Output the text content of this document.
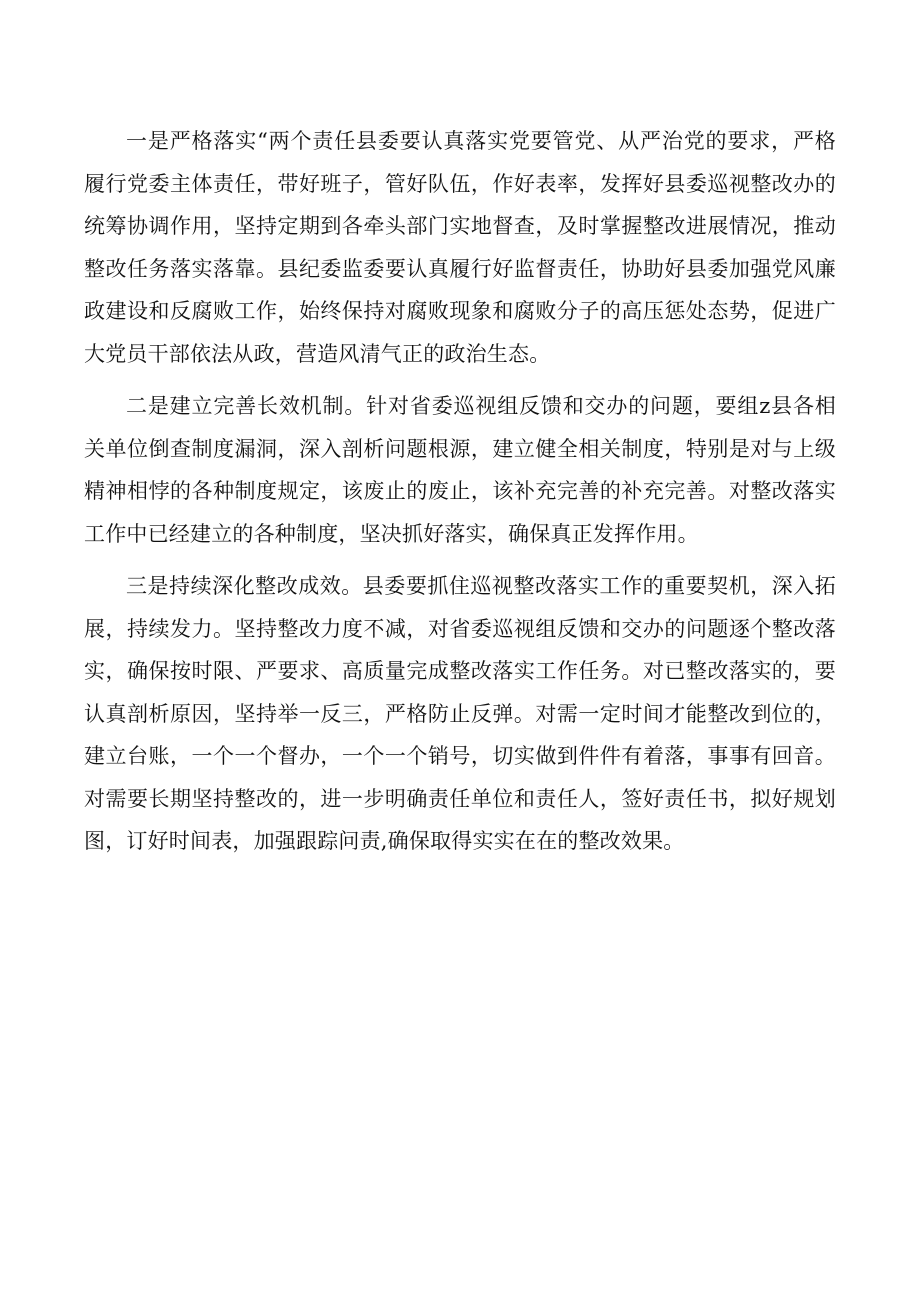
一是严格落实“两个责任县委要认真落实党要管党、从严治党的要求，严格履行党委主体责任，带好班子，管好队伍，作好表率，发挥好县委巡视整改办的统筹协调作用，坚持定期到各牵头部门实地督查，及时掌握整改进展情况，推动整改任务落实落靠。县纪委监委要认真履行好监督责任，协助好县委加强党风廉政建设和反腐败工作，始终保持对腐败现象和腐败分子的高压惩处态势，促进广大党员干部依法从政，营造风清气正的政治生态。

二是建立完善长效机制。针对省委巡视组反馈和交办的问题，要组z县各相关单位倒查制度漏洞，深入剖析问题根源，建立健全相关制度，特别是对与上级精神相悖的各种制度规定，该废止的废止，该补充完善的补充完善。对整改落实工作中已经建立的各种制度，坚决抓好落实，确保真正发挥作用。

三是持续深化整改成效。县委要抓住巡视整改落实工作的重要契机，深入拓展，持续发力。坚持整改力度不减，对省委巡视组反馈和交办的问题逐个整改落实，确保按时限、严要求、高质量完成整改落实工作任务。对已整改落实的，要认真剖析原因，坚持举一反三，严格防止反弹。对需一定时间才能整改到位的，建立台账，一个一个督办，一个一个销号，切实做到件件有着落，事事有回音。对需要长期坚持整改的，进一步明确责任单位和责任人，签好责任书，拟好规划图，订好时间表，加强跟踪问责,确保取得实实在在的整改效果。
